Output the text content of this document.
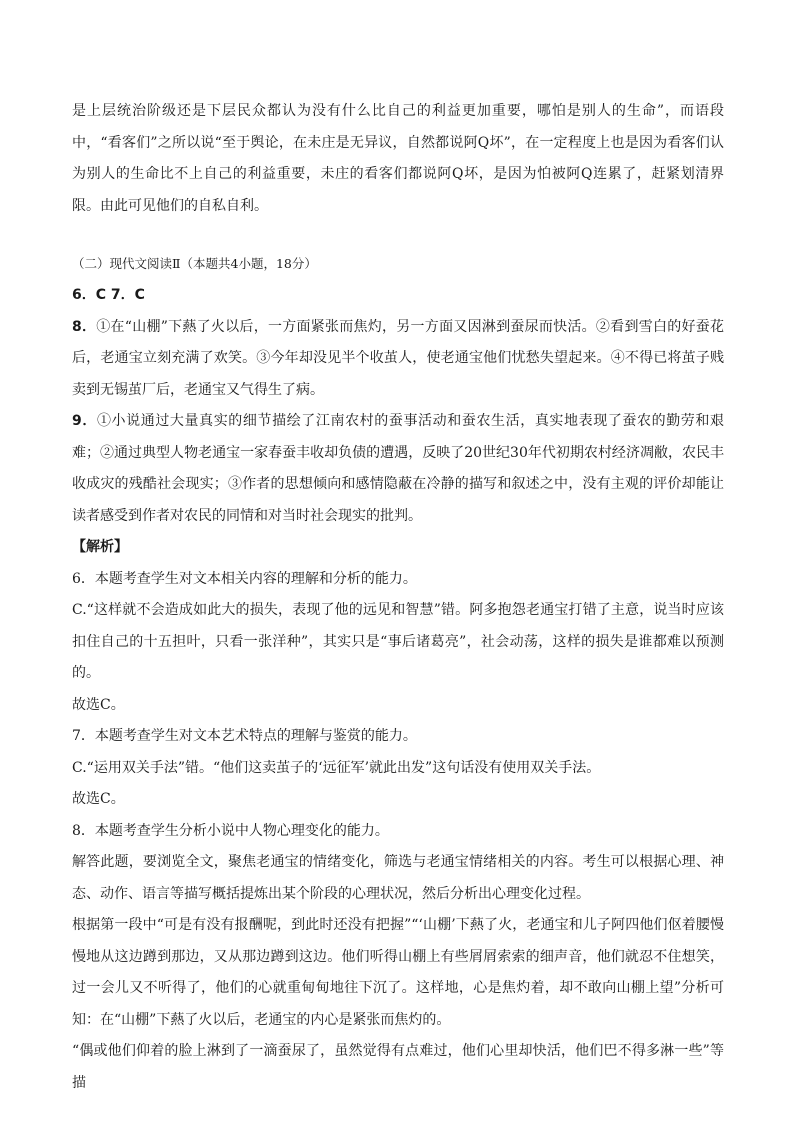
是上层统治阶级还是下层民众都认为没有什么比自己的利益更加重要，哪怕是别人的生命”，而语段中，“看客们”之所以说“至于舆论，在未庄是无异议，自然都说阿Q坏”，在一定程度上也是因为看客们认为别人的生命比不上自己的利益重要，未庄的看客们都说阿Q坏，是因为怕被阿Q连累了，赶紧划清界限。由此可见他们的自私自利。

（二）现代文阅读Ⅱ（本题共4小题，18分）

6．C 7．C

8．①在“山棚”下爇了火以后，一方面紧张而焦灼，另一方面又因淋到蚕尿而快活。②看到雪白的好蚕花后，老通宝立刻充满了欢笑。③今年却没见半个收茧人，使老通宝他们忧愁失望起来。④不得已将茧子贱卖到无锡茧厂后，老通宝又气得生了病。

9．①小说通过大量真实的细节描绘了江南农村的蚕事活动和蚕农生活，真实地表现了蚕农的勤劳和艰难；②通过典型人物老通宝一家春蚕丰收却负债的遭遇，反映了20世纪30年代初期农村经济凋敝，农民丰收成灾的残酷社会现实；③作者的思想倾向和感情隐蔽在冷静的描写和叙述之中，没有主观的评价却能让读者感受到作者对农民的同情和对当时社会现实的批判。

【解析】

6．本题考查学生对文本相关内容的理解和分析的能力。

C.“这样就不会造成如此大的损失，表现了他的远见和智慧”错。阿多抱怨老通宝打错了主意，说当时应该扣住自己的十五担叶，只看一张洋种”，其实只是“事后诸葛亮”，社会动荡，这样的损失是谁都难以预测的。

故选C。

7．本题考查学生对文本艺术特点的理解与鉴赏的能力。

C.“运用双关手法”错。“他们这卖茧子的‘远征军’就此出发”这句话没有使用双关手法。

故选C。

8．本题考查学生分析小说中人物心理变化的能力。

解答此题，要浏览全文，聚焦老通宝的情绪变化，筛选与老通宝情绪相关的内容。考生可以根据心理、神态、动作、语言等描写概括提炼出某个阶段的心理状况，然后分析出心理变化过程。

根据第一段中“可是有没有报酬呢，到此时还没有把握”“‘山棚’下爇了火，老通宝和儿子阿四他们伛着腰慢慢地从这边蹲到那边，又从那边蹲到这边。他们听得山棚上有些屑屑索索的细声音，他们就忍不住想笑，过一会儿又不听得了，他们的心就重甸甸地往下沉了。这样地，心是焦灼着，却不敢向山棚上望”分析可知：在“山棚”下爇了火以后，老通宝的内心是紧张而焦灼的。

“偶或他们仰着的脸上淋到了一滴蚕尿了，虽然觉得有点难过，他们心里却快活，他们巴不得多淋一些”等描
